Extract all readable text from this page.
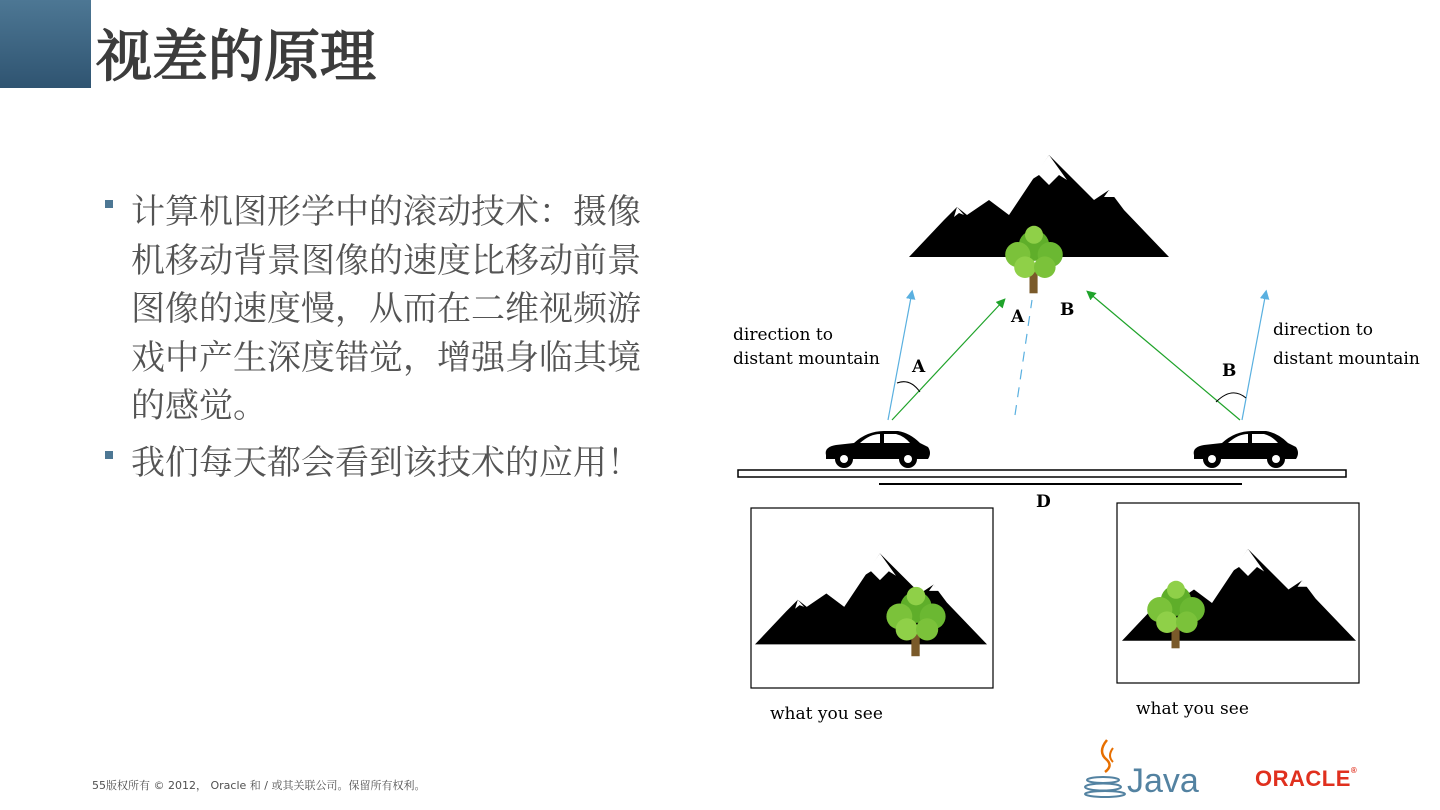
视差的原理
计算机图形学中的滚动技术：摄像机移动背景图像的速度比移动前景图像的速度慢，从而在二维视频游戏中产生深度错觉，增强身临其境的感觉。
我们每天都会看到该技术的应用！
direction to
distant mountain
direction to
distant mountain
A
A B
B
D
what you see	what you see
55版权所有 © 2012， Oracle 和 / 或其关联公司。保留所有权利。	Java	ORACLE®
